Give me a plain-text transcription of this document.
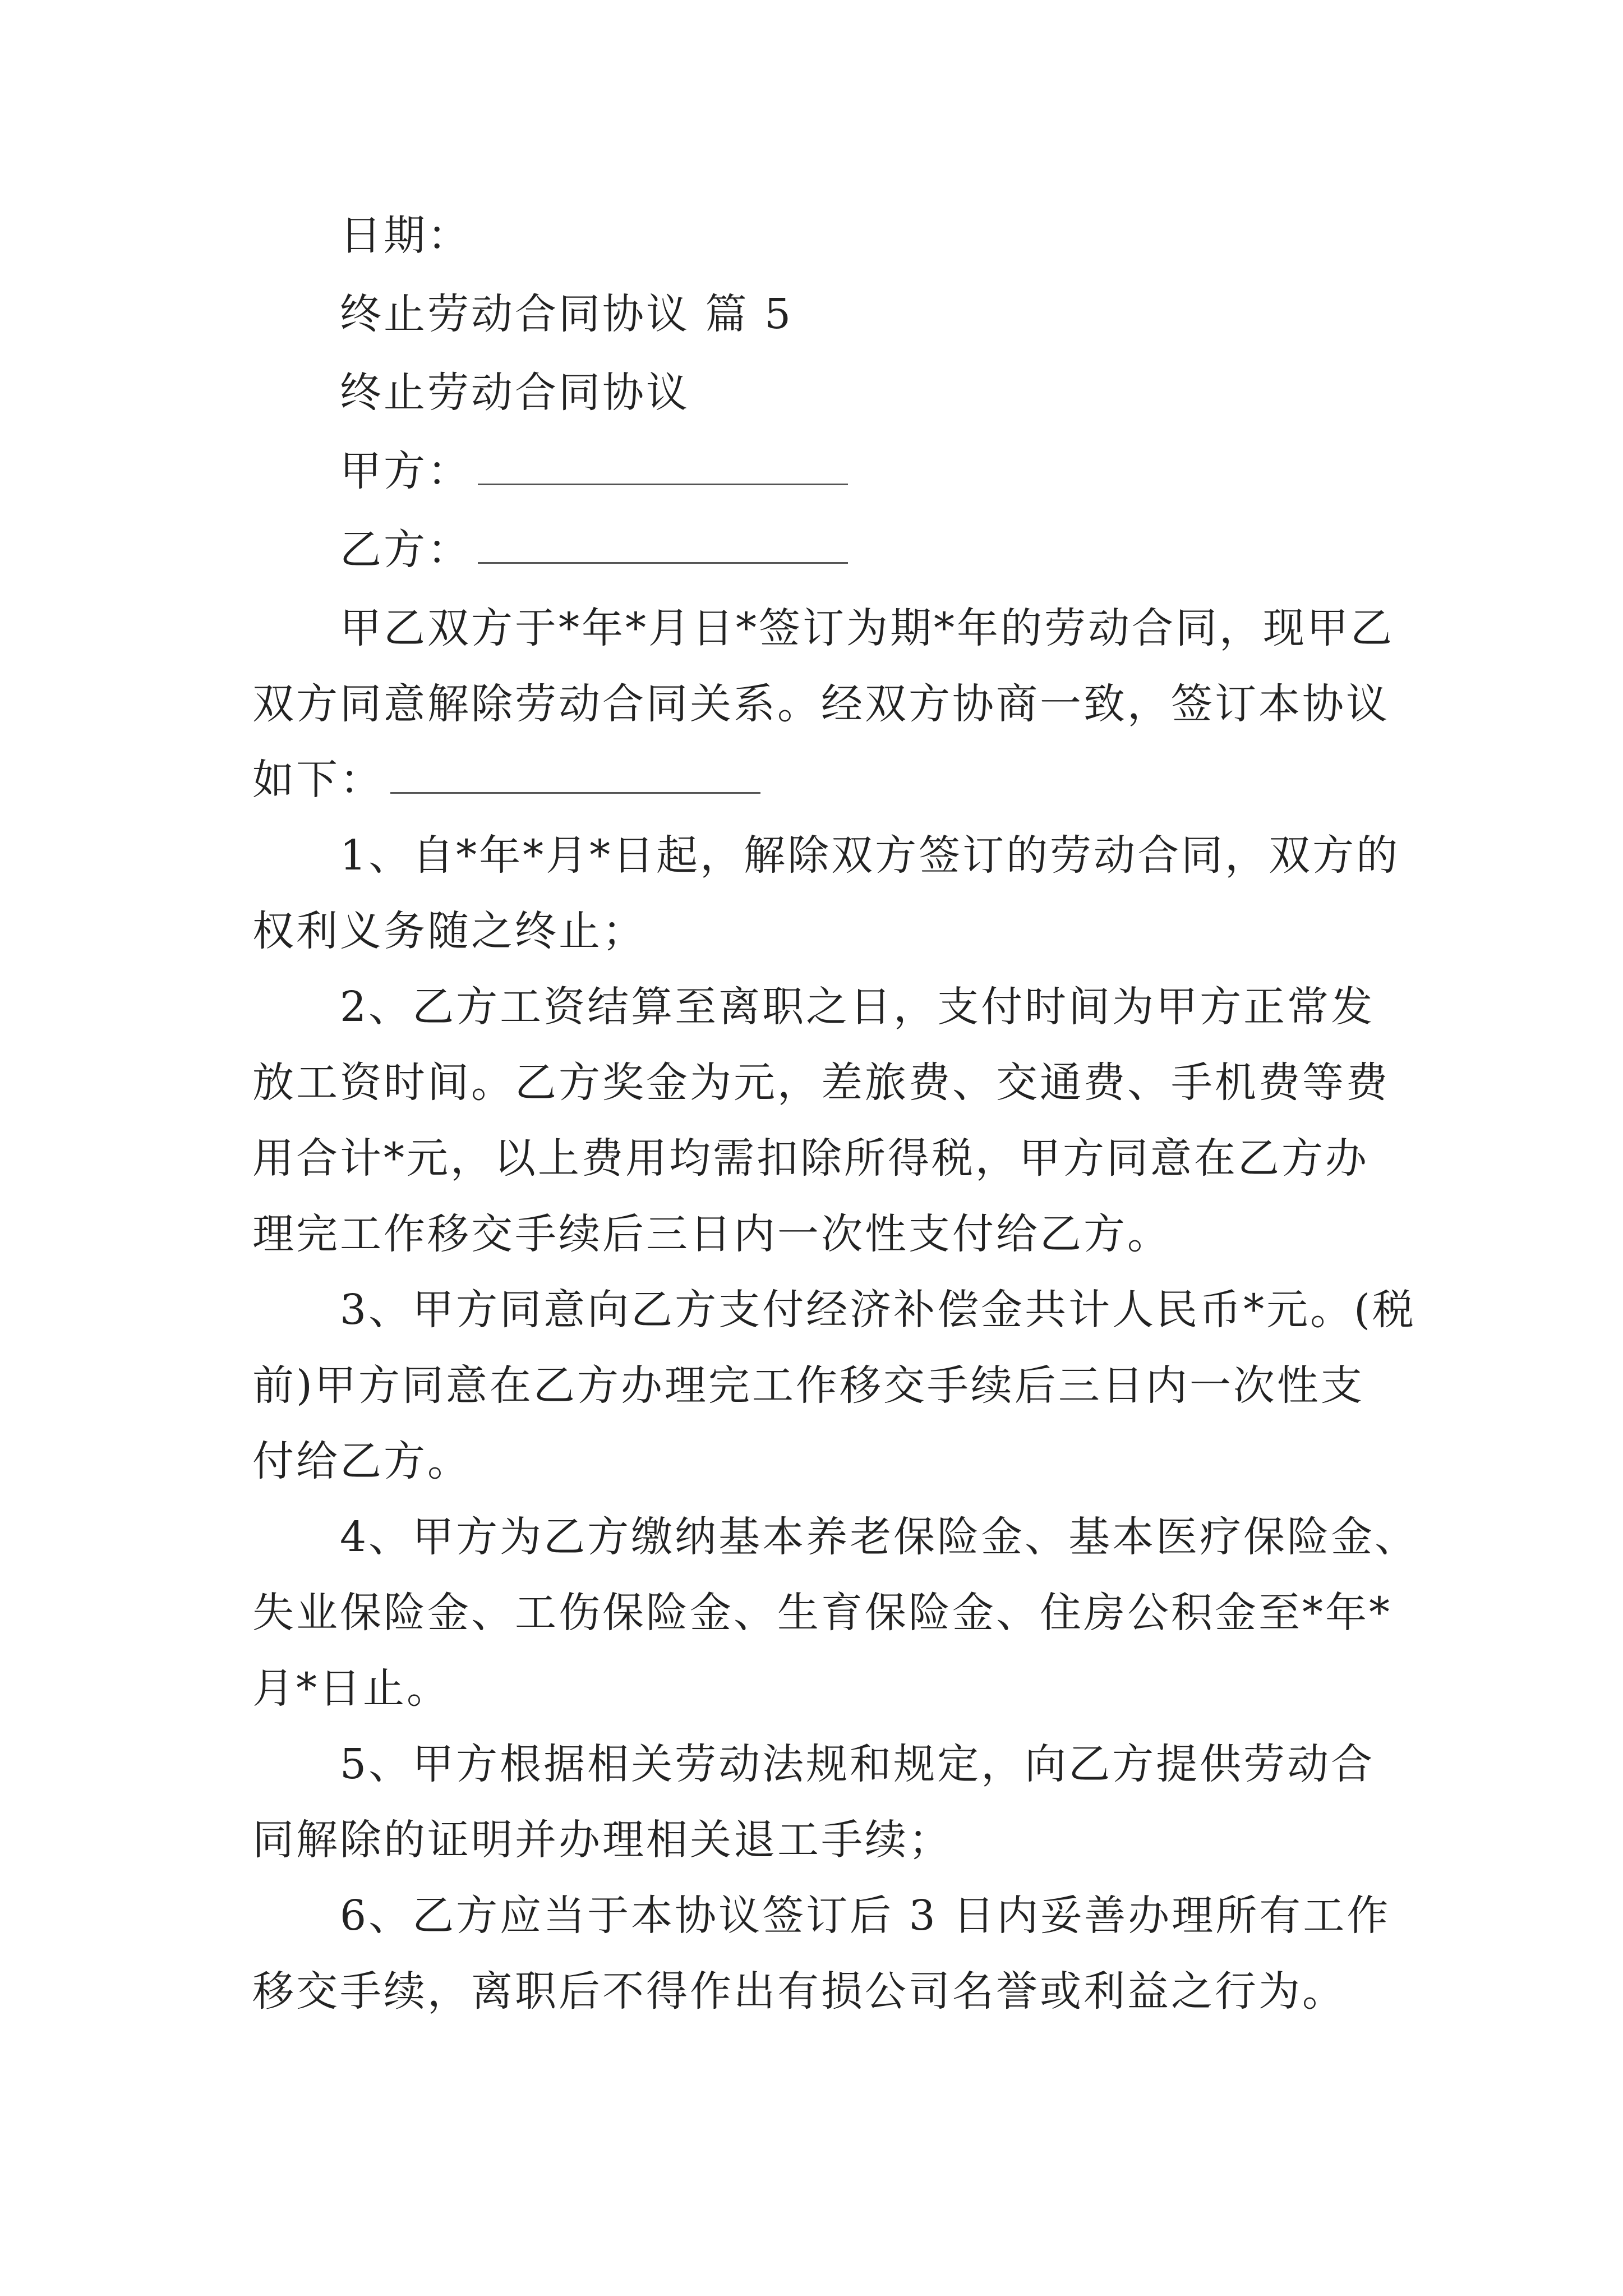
日期：
终止劳动合同协议 篇 5
终止劳动合同协议
甲方：
乙方：
甲乙双方于*年*月日*签订为期*年的劳动合同，现甲乙
双方同意解除劳动合同关系。经双方协商一致，签订本协议
如下：
1、自*年*月*日起，解除双方签订的劳动合同，双方的
权利义务随之终止；
2、乙方工资结算至离职之日，支付时间为甲方正常发
放工资时间。乙方奖金为元，差旅费、交通费、手机费等费
用合计*元，以上费用均需扣除所得税，甲方同意在乙方办
理完工作移交手续后三日内一次性支付给乙方。
3、甲方同意向乙方支付经济补偿金共计人民币*元。(税
前)甲方同意在乙方办理完工作移交手续后三日内一次性支
付给乙方。
4、甲方为乙方缴纳基本养老保险金、基本医疗保险金、
失业保险金、工伤保险金、生育保险金、住房公积金至*年*
月*日止。
5、甲方根据相关劳动法规和规定，向乙方提供劳动合
同解除的证明并办理相关退工手续；
6、乙方应当于本协议签订后 3 日内妥善办理所有工作
移交手续，离职后不得作出有损公司名誉或利益之行为。
